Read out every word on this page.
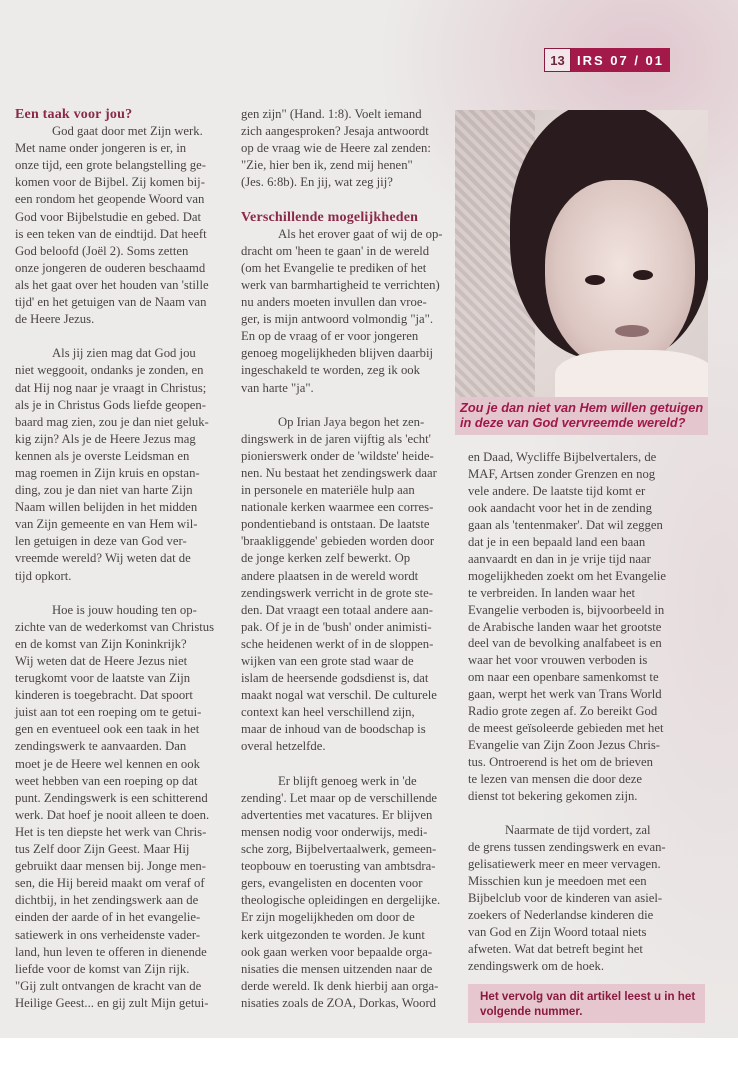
13 IRS 07 / 01
Een taak voor jou?
God gaat door met Zijn werk.
Met name onder jongeren is er, in
onze tijd, een grote belangstelling ge-
komen voor de Bijbel. Zij komen bij-
een rondom het geopende Woord van
God voor Bijbelstudie en gebed. Dat
is een teken van de eindtijd. Dat heeft
God beloofd (Joël 2). Soms zetten
onze jongeren de ouderen beschaamd
als het gaat over het houden van 'stille
tijd' en het getuigen van de Naam van
de Heere Jezus.
Als jij zien mag dat God jou
niet weggooit, ondanks je zonden, en
dat Hij nog naar je vraagt in Christus;
als je in Christus Gods liefde geopen-
baard mag zien, zou je dan niet geluk-
kig zijn? Als je de Heere Jezus mag
kennen als je overste Leidsman en
mag roemen in Zijn kruis en opstan-
ding, zou je dan niet van harte Zijn
Naam willen belijden in het midden
van Zijn gemeente en van Hem wil-
len getuigen in deze van God ver-
vreemde wereld? Wij weten dat de
tijd opkort.
Hoe is jouw houding ten op-
zichte van de wederkomst van Christus
en de komst van Zijn Koninkrijk?
Wij weten dat de Heere Jezus niet
terugkomt voor de laatste van Zijn
kinderen is toegebracht. Dat spoort
juist aan tot een roeping om te getui-
gen en eventueel ook een taak in het
zendingswerk te aanvaarden. Dan
moet je de Heere wel kennen en ook
weet hebben van een roeping op dat
punt. Zendingswerk is een schitterend
werk. Dat hoef je nooit alleen te doen.
Het is ten diepste het werk van Chris-
tus Zelf door Zijn Geest. Maar Hij
gebruikt daar mensen bij. Jonge men-
sen, die Hij bereid maakt om veraf of
dichtbij, in het zendingswerk aan de
einden der aarde of in het evangelie-
satiewerk in ons verheidenste vader-
land, hun leven te offeren in dienende
liefde voor de komst van Zijn rijk.
"Gij zult ontvangen de kracht van de
Heilige Geest... en gij zult Mijn getui-
gen zijn" (Hand. 1:8). Voelt iemand
zich aangesproken? Jesaja antwoordt
op de vraag wie de Heere zal zenden:
"Zie, hier ben ik, zend mij henen"
(Jes. 6:8b). En jij, wat zeg jij?
Verschillende mogelijkheden
Als het erover gaat of wij de op-
dracht om 'heen te gaan' in de wereld
(om het Evangelie te prediken of het
werk van barmhartigheid te verrichten)
nu anders moeten invullen dan vroe-
ger, is mijn antwoord volmondig "ja".
En op de vraag of er voor jongeren
genoeg mogelijkheden blijven daarbij
ingeschakeld te worden, zeg ik ook
van harte "ja".
Op Irian Jaya begon het zen-
dingswerk in de jaren vijftig als 'echt'
pionierswerk onder de 'wildste' heide-
nen. Nu bestaat het zendingswerk daar
in personele en materiële hulp aan
nationale kerken waarmee een corres-
pondentieband is ontstaan. De laatste
'braakliggende' gebieden worden door
de jonge kerken zelf bewerkt. Op
andere plaatsen in de wereld wordt
zendingswerk verricht in de grote ste-
den. Dat vraagt een totaal andere aan-
pak. Of je in de 'bush' onder animisti-
sche heidenen werkt of in de sloppen-
wijken van een grote stad waar de
islam de heersende godsdienst is, dat
maakt nogal wat verschil. De culturele
context kan heel verschillend zijn,
maar de inhoud van de boodschap is
overal hetzelfde.
Er blijft genoeg werk in 'de
zending'. Let maar op de verschillende
advertenties met vacatures. Er blijven
mensen nodig voor onderwijs, medi-
sche zorg, Bijbelvertaalwerk, gemeen-
teopbouw en toerusting van ambtsdra-
gers, evangelisten en docenten voor
theologische opleidingen en dergelijke.
Er zijn mogelijkheden om door de
kerk uitgezonden te worden. Je kunt
ook gaan werken voor bepaalde orga-
nisaties die mensen uitzenden naar de
derde wereld. Ik denk hierbij aan orga-
nisaties zoals de ZOA, Dorkas, Woord
Zou je dan niet van Hem willen getuigen
in deze van God vervreemde wereld?
en Daad, Wycliffe Bijbelvertalers, de
MAF, Artsen zonder Grenzen en nog
vele andere. De laatste tijd komt er
ook aandacht voor het in de zending
gaan als 'tentenmaker'. Dat wil zeggen
dat je in een bepaald land een baan
aanvaardt en dan in je vrije tijd naar
mogelijkheden zoekt om het Evangelie
te verbreiden. In landen waar het
Evangelie verboden is, bijvoorbeeld in
de Arabische landen waar het grootste
deel van de bevolking analfabeet is en
waar het voor vrouwen verboden is
om naar een openbare samenkomst te
gaan, werpt het werk van Trans World
Radio grote zegen af. Zo bereikt God
de meest geïsoleerde gebieden met het
Evangelie van Zijn Zoon Jezus Chris-
tus. Ontroerend is het om de brieven
te lezen van mensen die door deze
dienst tot bekering gekomen zijn.
Naarmate de tijd vordert, zal
de grens tussen zendingswerk en evan-
gelisatiewerk meer en meer vervagen.
Misschien kun je meedoen met een
Bijbelclub voor de kinderen van asiel-
zoekers of Nederlandse kinderen die
van God en Zijn Woord totaal niets
afweten. Wat dat betreft begint het
zendingswerk om de hoek.
Het vervolg van dit artikel leest u in het
volgende nummer.
